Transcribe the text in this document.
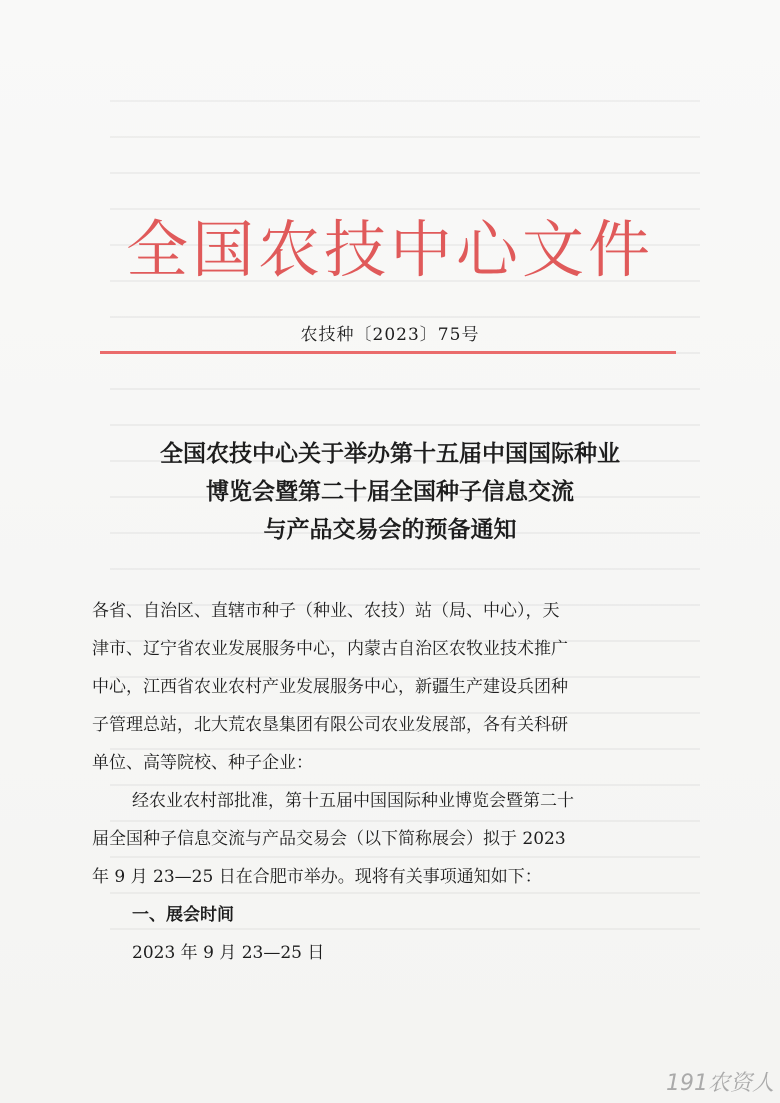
全国农技中心文件
农技种〔2023〕75号
全国农技中心关于举办第十五届中国国际种业
博览会暨第二十届全国种子信息交流
与产品交易会的预备通知
各省、自治区、直辖市种子（种业、农技）站（局、中心），天
津市、辽宁省农业发展服务中心，内蒙古自治区农牧业技术推广
中心，江西省农业农村产业发展服务中心，新疆生产建设兵团种
子管理总站，北大荒农垦集团有限公司农业发展部，各有关科研
单位、高等院校、种子企业：
经农业农村部批准，第十五届中国国际种业博览会暨第二十
届全国种子信息交流与产品交易会（以下简称展会）拟于 2023
年 9 月 23—25 日在合肥市举办。现将有关事项通知如下：
一、展会时间
2023 年 9 月 23—25 日
191农资人
